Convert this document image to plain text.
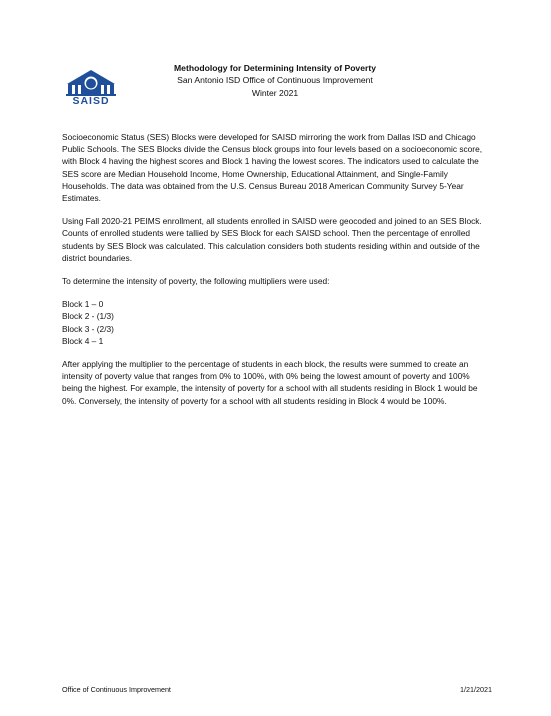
SAISD
Methodology for Determining Intensity of Poverty
San Antonio ISD Office of Continuous Improvement
Winter 2021

Socioeconomic Status (SES) Blocks were developed for SAISD mirroring the work from Dallas ISD and Chicago Public Schools. The SES Blocks divide the Census block groups into four levels based on a socioeconomic score, with Block 4 having the highest scores and Block 1 having the lowest scores. The indicators used to calculate the SES score are Median Household Income, Home Ownership, Educational Attainment, and Single-Family Households. The data was obtained from the U.S. Census Bureau 2018 American Community Survey 5-Year Estimates.

Using Fall 2020-21 PEIMS enrollment, all students enrolled in SAISD were geocoded and joined to an SES Block. Counts of enrolled students were tallied by SES Block for each SAISD school. Then the percentage of enrolled students by SES Block was calculated. This calculation considers both students residing within and outside of the district boundaries.

To determine the intensity of poverty, the following multipliers were used:

Block 1 – 0
Block 2 - (1/3)
Block 3 - (2/3)
Block 4 – 1

After applying the multiplier to the percentage of students in each block, the results were summed to create an intensity of poverty value that ranges from 0% to 100%, with 0% being the lowest amount of poverty and 100% being the highest. For example, the intensity of poverty for a school with all students residing in Block 1 would be 0%. Conversely, the intensity of poverty for a school with all students residing in Block 4 would be 100%.

Office of Continuous Improvement	1/21/2021
